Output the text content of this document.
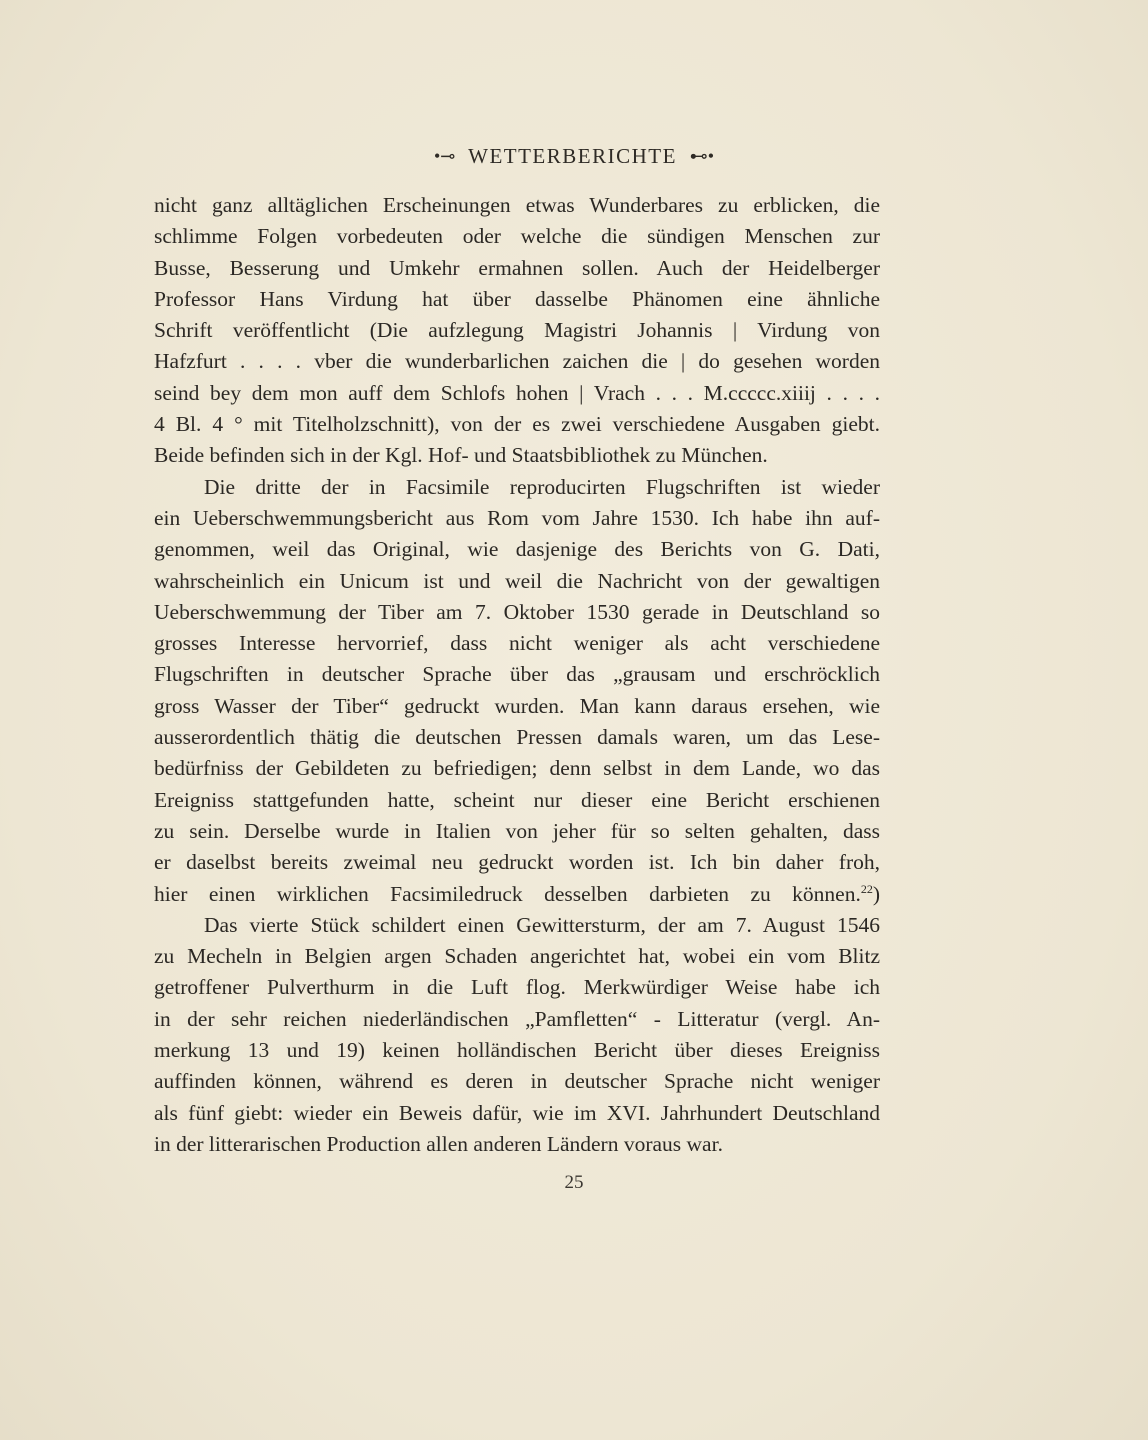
•⊸ WETTERBERICHTE ⊷•
nicht ganz alltäglichen Erscheinungen etwas Wunderbares zu erblicken, die
schlimme Folgen vorbedeuten oder welche die sündigen Menschen zur
Busse, Besserung und Umkehr ermahnen sollen. Auch der Heidelberger
Professor Hans Virdung hat über dasselbe Phänomen eine ähnliche
Schrift veröffentlicht (Die aufzlegung Magistri Johannis | Virdung von
Hafzfurt . . . . vber die wunderbarlichen zaichen die | do gesehen worden
seind bey dem mon auff dem Schlofs hohen | Vrach . . . M.ccccc.xiiij . . . .
4 Bl. 4 ° mit Titelholzschnitt), von der es zwei verschiedene Ausgaben giebt.
Beide befinden sich in der Kgl. Hof- und Staatsbibliothek zu München.
Die dritte der in Facsimile reproducirten Flugschriften ist wieder
ein Ueberschwemmungsbericht aus Rom vom Jahre 1530. Ich habe ihn auf-
genommen, weil das Original, wie dasjenige des Berichts von G. Dati,
wahrscheinlich ein Unicum ist und weil die Nachricht von der gewaltigen
Ueberschwemmung der Tiber am 7. Oktober 1530 gerade in Deutschland so
grosses Interesse hervorrief, dass nicht weniger als acht verschiedene
Flugschriften in deutscher Sprache über das „grausam und erschröcklich
gross Wasser der Tiber“ gedruckt wurden. Man kann daraus ersehen, wie
ausserordentlich thätig die deutschen Pressen damals waren, um das Lese-
bedürfniss der Gebildeten zu befriedigen; denn selbst in dem Lande, wo das
Ereigniss stattgefunden hatte, scheint nur dieser eine Bericht erschienen
zu sein. Derselbe wurde in Italien von jeher für so selten gehalten, dass
er daselbst bereits zweimal neu gedruckt worden ist. Ich bin daher froh,
hier einen wirklichen Facsimiledruck desselben darbieten zu können.$^{22}$)
Das vierte Stück schildert einen Gewittersturm, der am 7. August 1546
zu Mecheln in Belgien argen Schaden angerichtet hat, wobei ein vom Blitz
getroffener Pulverthurm in die Luft flog. Merkwürdiger Weise habe ich
in der sehr reichen niederländischen „Pamfletten“ - Litteratur (vergl. An-
merkung 13 und 19) keinen holländischen Bericht über dieses Ereigniss
auffinden können, während es deren in deutscher Sprache nicht weniger
als fünf giebt: wieder ein Beweis dafür, wie im XVI. Jahrhundert Deutschland
in der litterarischen Production allen anderen Ländern voraus war.
25
